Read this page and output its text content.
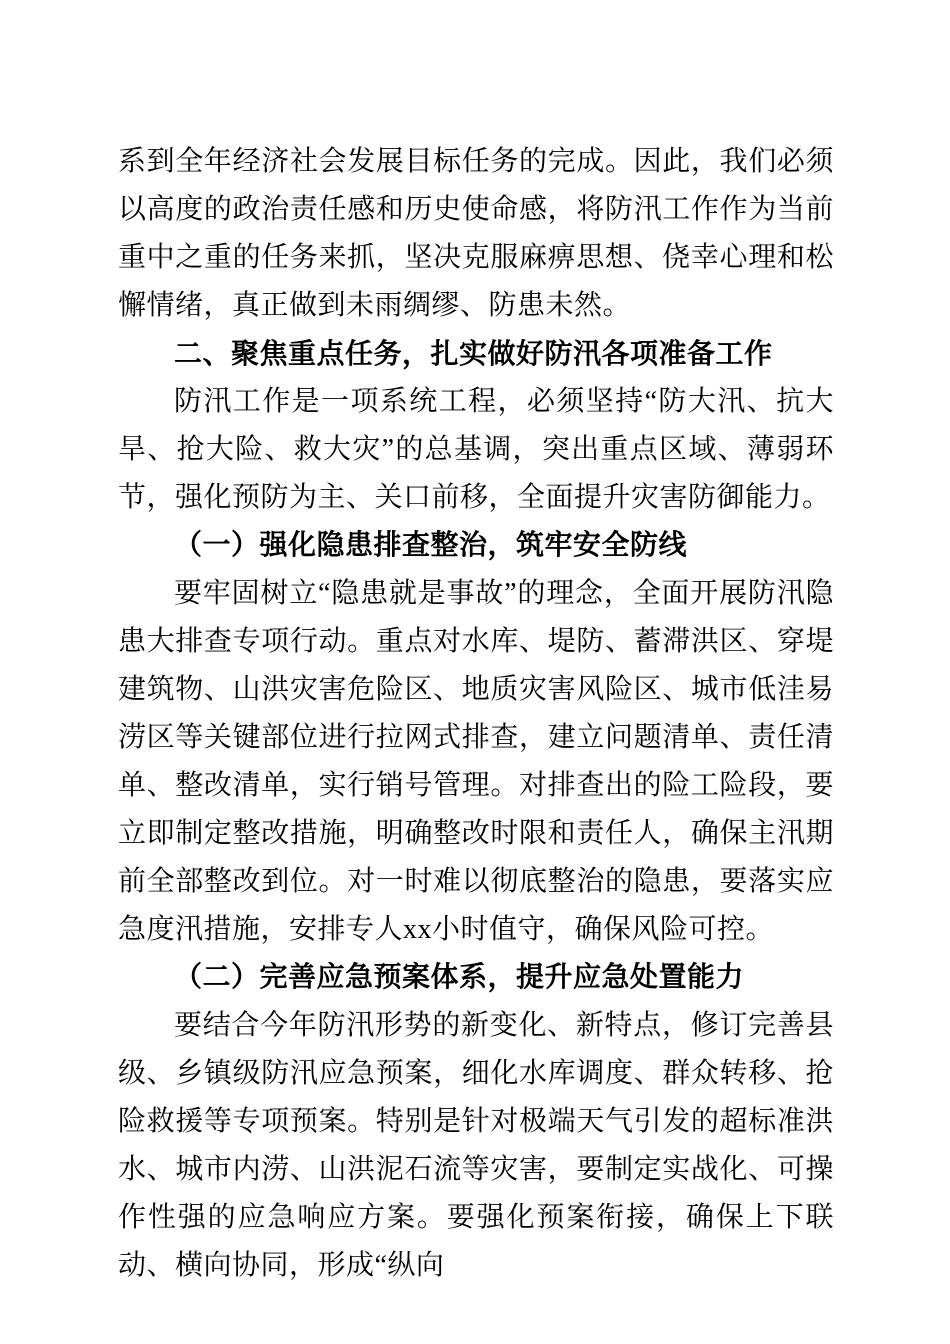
系到全年经济社会发展目标任务的完成。因此，我们必须以高度的政治责任感和历史使命感，将防汛工作作为当前重中之重的任务来抓，坚决克服麻痹思想、侥幸心理和松懈情绪，真正做到未雨绸缪、防患未然。

二、聚焦重点任务，扎实做好防汛各项准备工作

防汛工作是一项系统工程，必须坚持“防大汛、抗大旱、抢大险、救大灾”的总基调，突出重点区域、薄弱环节，强化预防为主、关口前移，全面提升灾害防御能力。

（一）强化隐患排查整治，筑牢安全防线

要牢固树立“隐患就是事故”的理念，全面开展防汛隐患大排查专项行动。重点对水库、堤防、蓄滞洪区、穿堤建筑物、山洪灾害危险区、地质灾害风险区、城市低洼易涝区等关键部位进行拉网式排查，建立问题清单、责任清单、整改清单，实行销号管理。对排查出的险工险段，要立即制定整改措施，明确整改时限和责任人，确保主汛期前全部整改到位。对一时难以彻底整治的隐患，要落实应急度汛措施，安排专人xx小时值守，确保风险可控。

（二）完善应急预案体系，提升应急处置能力

要结合今年防汛形势的新变化、新特点，修订完善县级、乡镇级防汛应急预案，细化水库调度、群众转移、抢险救援等专项预案。特别是针对极端天气引发的超标准洪水、城市内涝、山洪泥石流等灾害，要制定实战化、可操作性强的应急响应方案。要强化预案衔接，确保上下联动、横向协同，形成“纵向
